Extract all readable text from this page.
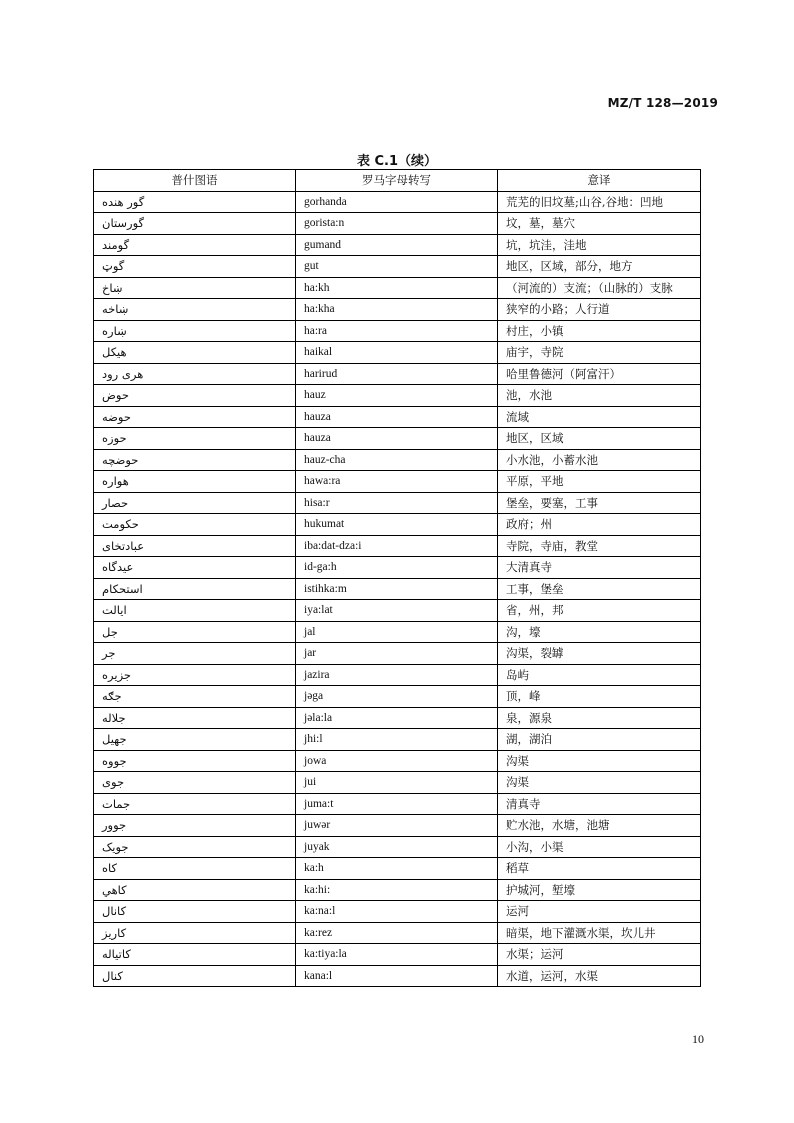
MZ/T 128—2019
表 C.1（续）
普什图语	罗马字母转写	意译
گور هنده	gorhanda	荒芜的旧坟墓;山谷,谷地：凹地
گورستان	gorista:n	坟，墓，墓穴
گومند	gumand	坑，坑洼，洼地
گوټ	gut	地区，区域，部分，地方
ښاخ	ha:kh	（河流的）支流；（山脉的）支脉
ښاخه	ha:kha	狭窄的小路；人行道
ښاره	ha:ra	村庄，小镇
هيکل	haikal	庙宇，寺院
هری رود	harirud	哈里鲁德河（阿富汗）
حوض	hauz	池，水池
حوضه	hauza	流域
حوزه	hauza	地区，区域
حوضچه	hauz-cha	小水池，小蓄水池
هواره	hawa:ra	平原，平地
حصار	hisa:r	堡垒，要塞，工事
حکومت	hukumat	政府；州
عبادتخای	iba:dat-dza:i	寺院，寺庙，教堂
عیدگاه	id-ga:h	大清真寺
استحکام	istihka:m	工事，堡垒
ایالت	iya:lat	省，州，邦
جل	jal	沟，壕
جر	jar	沟渠，裂罅
جزیره	jazira	岛屿
جګه	jəga	顶，峰
جلاله	jəla:la	泉，源泉
جهيل	jhi:l	湖，湖泊
جووه	jowa	沟渠
جوی	jui	沟渠
جمات	juma:t	清真寺
جوور	juwər	贮水池，水塘，池塘
جویک	juyak	小沟，小渠
کاه	ka:h	稻草
کاهي	ka:hi:	护城河，堑壕
کانال	ka:na:l	运河
کاریز	ka:rez	暗渠，地下灌溉水渠，坎儿井
کاتیاله	ka:tiya:la	水渠；运河
کنال	kana:l	水道，运河，水渠
10
